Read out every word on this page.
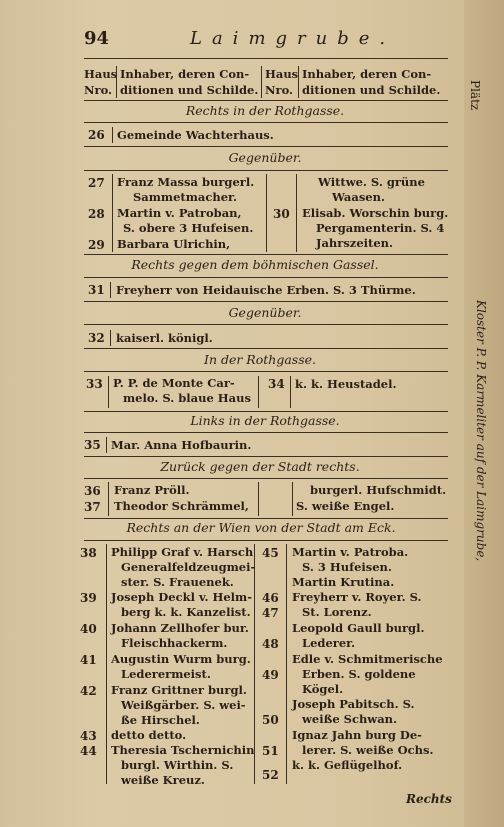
Plätz
Kloster P. P. Karmeliter auf der Laimgrube,
94	Laimgrube.
Haus
Nro.
Inhaber, deren Con-
ditionen und Schilde.
Haus
Nro.
Inhaber, deren Con-
ditionen und Schilde.
Rechts in der Rothgasse.
26 Gemeinde Wachterhaus.
Gegenüber.
27 Franz Massa burgerl.
Sammetmacher.
28 Martin v. Patroban,
S. obere 3 Hufeisen.
29 Barbara Ulrichin,
Wittwe. S. grüne
Waasen.
30 Elisab. Worschin burg.
Pergamenterin. S. 4
Jahrszeiten.
Rechts gegen dem böhmischen Gassel.
31 Freyherr von Heidauische Erben. S. 3 Thürme.
Gegenüber.
32 kaiserl. königl.
In der Rothgasse.
33 P. P. de Monte Car-
melo. S. blaue Haus
34 k. k. Heustadel.
Links in der Rothgasse.
35 Mar. Anna Hofbaurin.
Zurück gegen der Stadt rechts.
36
37
Franz Pröll.
Theodor Schrämmel,
burgerl. Hufschmidt.
S. weiße Engel.
Rechts an der Wien von der Stadt am Eck.
38 Philipp Graf v. Harsch
Generalfeldzeugmei-
ster. S. Frauenek.
39 Joseph Deckl v. Helm-
berg k. k. Kanzelist.
40 Johann Zellhofer bur.
Fleischhackerm.
41 Augustin Wurm burg.
Lederermeist.
42 Franz Grittner burgl.
Weißgärber. S. wei-
ße Hirschel.
43 detto detto.
44 Theresia Tschernichin
burgl. Wirthin. S.
weiße Kreuz.
45 Martin v. Patroba.
S. 3 Hufeisen.
Martin Krutina.
46
47
Freyherr v. Royer. S.
St. Lorenz.
48
Leopold Gaull burgl.
Lederer.
49
Edle v. Schmitmerische
Erben. S. goldene
Kögel.
50
Joseph Pabitsch. S.
weiße Schwan.
51
Ignaz Jahn burg De-
lerer. S. weiße Ochs.
k. k. Geflügelhof.
52
Rechts
